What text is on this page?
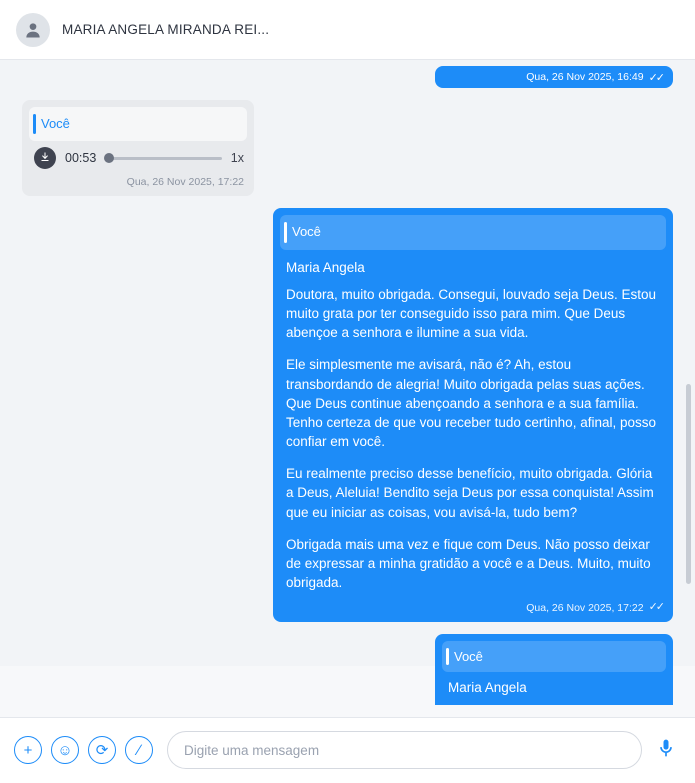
MARIA ANGELA MIRANDA REI...
Qua, 26 Nov 2025, 16:49 ✓✓
Você
00:53	1x
Qua, 26 Nov 2025, 17:22
Você
Maria Angela

Doutora, muito obrigada. Consegui, louvado seja Deus. Estou muito grata por ter conseguido isso para mim. Que Deus abençoe a senhora e ilumine a sua vida.

Ele simplesmente me avisará, não é? Ah, estou transbordando de alegria! Muito obrigada pelas suas ações. Que Deus continue abençoando a senhora e a sua família. Tenho certeza de que vou receber tudo certinho, afinal, posso confiar em você.

Eu realmente preciso desse benefício, muito obrigada. Glória a Deus, Aleluia! Bendito seja Deus por essa conquista! Assim que eu iniciar as coisas, vou avisá-la, tudo bem?

Obrigada mais uma vez e fique com Deus. Não posso deixar de expressar a minha gratidão a você e a Deus. Muito, muito obrigada.

Qua, 26 Nov 2025, 17:22 ✓✓
Você
Maria Angela
+ ☺ ⟳ ∕
Digite uma mensagem
